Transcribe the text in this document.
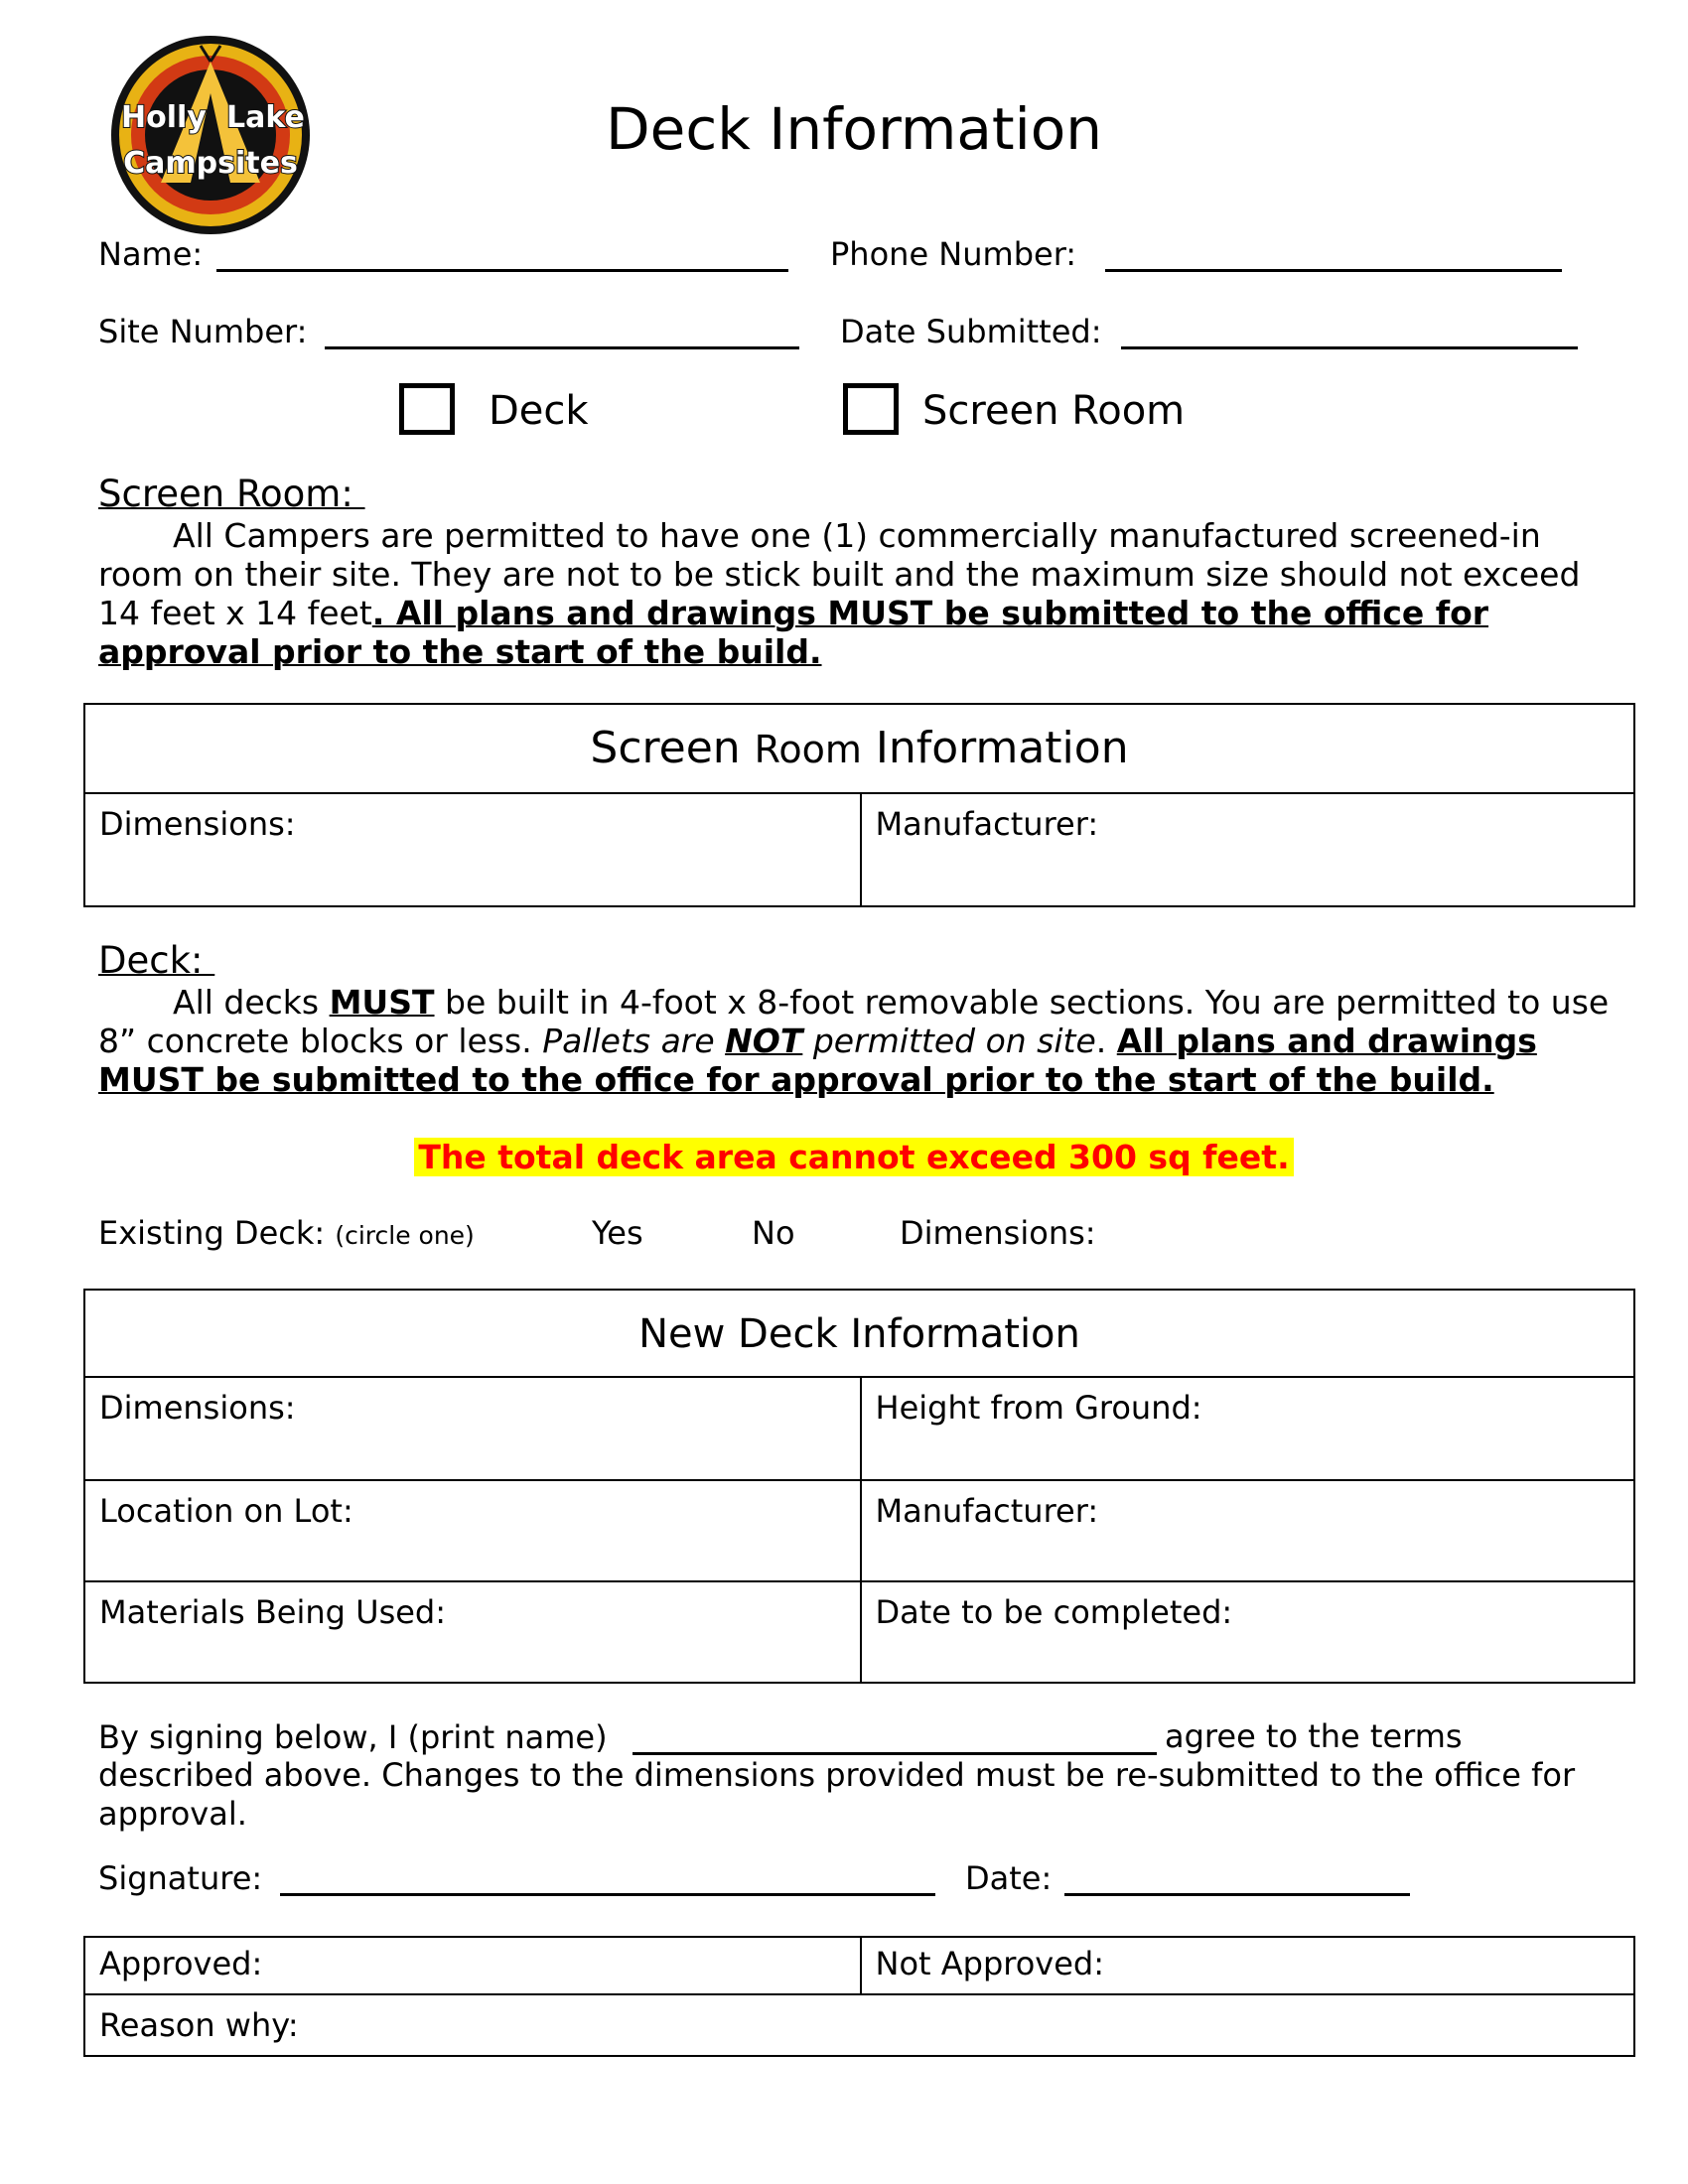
Holly Lake
Campsites
Deck Information
Name:	Phone Number:
Site Number:	Date Submitted:
Deck	Screen Room
Screen Room:

All Campers are permitted to have one (1) commercially manufactured screened-in room on their site. They are not to be stick built and the maximum size should not exceed 14 feet x 14 feet. All plans and drawings MUST be submitted to the office for approval prior to the start of the build.

Screen Room Information
Dimensions:	Manufacturer:
Deck:

All decks MUST be built in 4-foot x 8-foot removable sections. You are permitted to use 8” concrete blocks or less. Pallets are NOT permitted on site. All plans and drawings MUST be submitted to the office for approval prior to the start of the build.

The total deck area cannot exceed 300 sq feet.
Existing Deck: (circle one)	Yes	No	Dimensions:
New Deck Information
Dimensions:	Height from Ground:
Location on Lot:	Manufacturer:
Materials Being Used:	Date to be completed:
By signing below, I (print name)	agree to the terms described above. Changes to the dimensions provided must be re-submitted to the office for approval.
Signature:	Date:
Approved:	Not Approved:
Reason why:
